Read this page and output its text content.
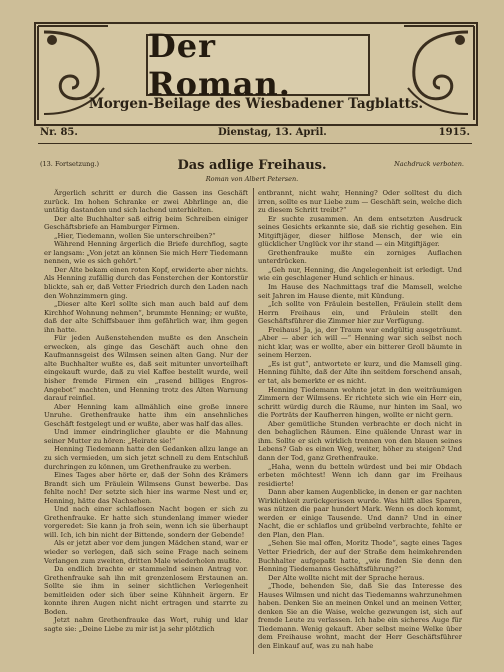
Der Roman.
Morgen-Beilage des Wiesbadener Tagblatts.
Nr. 85.	Dienstag, 13. April.	1915.
(13. Fortsetzung.)	Das adlige Freihaus.	Nachdruck verboten.
Roman von Albert Petersen.

Ärgerlich schritt er durch die Gassen ins Geschäft zurück. Im hohen Schranke er zwei Abhrlinge an, die untätig dastanden und sich lachend unterhielten.

Der alte Buchhalter saß eifrig beim Schreiben einiger Geschäftsbriefe an Hamburger Firmen.

„Hier, Tiedemann, wollen Sie unterschreiben?“

Während Henning ärgerlich die Briefe durchflog, sagte er langsam: „Von jetzt an können Sie mich Herr Tiedemann nennen, wie es sich gehört.“

Der Alte bekam einen roten Kopf, erwiderte aber nichts. Als Henning zufällig durch das Fensterchen der Kontorstür blickte, sah er, daß Vetter Friedrich durch den Laden nach den Wohnzimmern ging.

„Dieser alte Kerl sollte sich man auch bald auf dem Kirchhof Wohnung nehmen“, brummte Henning; er wußte, daß der alte Schiffsbauer ihm gefährlich war, ihm gegen ihn hatte.

Für jeden Außenstehenden mußte es den Anschein erwecken, als ginge das Geschäft auch ohne den Kaufmannsgeist des Wilmsen seinen alten Gang. Nur der alte Buchhalter wußte es, daß seit mitunter unvorteilhaft eingekauft wurde, daß zu viel Kaffee bestellt wurde, weil bisher fremde Firmen ein „rasend billiges Engros-Angebot“ machten, und Henning trotz des Alten Warnung darauf reinfiel.

Aber Henning kam allmählich eine große innere Unruhe. Grethenfrauke hatte ihm ein ansehnliches Geschäft festgelegt und er wußte, aber was half das alles.

Und immer eindringlicher glaubte er die Mahnung seiner Mutter zu hören: „Heirate sie!“

Henning Tiedemann hatte den Gedanken allzu lange an zu sich vermieden, um sich jetzt schnell zu dem Entschluß durchringen zu können, um Grethenfrauke zu werben.

Eines Tages aber hörte er, daß der Sohn des Krämers Brandt sich um Fräulein Wilmsens Gunst bewerbe. Das fehlte noch! Der setzte sich hier ins warme Nest und er, Henning, hätte das Nachsehen.

Und nach einer schlaflosen Nacht bogen er sich zu Grethenfrauke. Er hatte sich stundenlang immer wieder vorgeredet: Sie kann ja froh sein, wenn ich sie überhaupt will. Ich, ich bin nicht der Bittende, sondern der Gebende!

Als er jetzt aber vor dem jungen Mädchen stand, war er wieder so verlegen, daß sich seine Frage nach seinem Verlangen zum zweiten, dritten Male wiederholen mußte.

Da endlich brachte er stammelnd seinen Antrag vor. Grethenfrauke sah ihn mit grenzenlosem Erstaunen an. Sollte sie ihm in seiner sichtlichen Verlegenheit bemitleiden oder sich über seine Kühnheit ärgern. Er konnte ihren Augen nicht nicht ertragen und starrte zu Boden.

Jetzt nahm Grethenfrauke das Wort, ruhig und klar sagte sie: „Deine Liebe zu mir ist ja sehr plötzlich

entbrannt, nicht wahr, Henning? Oder solltest du dich irren, sollte es nur Liebe zum — Geschäft sein, welche dich zu diesem Schritt treibt?“

Er suchte zusammen. An dem entsetzten Ausdruck seines Gesichts erkannte sie, daß sie richtig gesehen. Ein Mitgiftjäger, dieser hilflose Mensch, der wie ein glücklicher Unglück vor ihr stand — ein Mitgiftjäger.

Grethenfrauke mußte ein zorniges Auflachen unterdrücken.

„Geh nur, Henning, die Angelegenheit ist erledigt. Und wie ein geschlagener Hund schlich er hinaus.

Im Hause des Nachmittags traf die Mamsell, welche seit Jahren im Hause diente, mit Kündung.

„Ich sollte von Fräulein bestellen, Fräulein stellt dem Herrn Freihaus ein, und Fräulein stellt den Geschäftsführer die Zimmer hier zur Verfügung.

Freihaus! Ja, ja, der Traum war endgültig ausgeträumt. „Aber — aber ich will —“ Henning war sich selbst noch nicht klar, was er wollte, aber ein bitterer Groll bäumte in seinem Herzen.

„Es ist gut“, antwortete er kurz, und die Mamsell ging. Henning fühlte, daß der Alte ihn seitdem forschend ansah, er tat, als bemerkte er es nicht.

Henning Tiedemann wohnte jetzt in den weiträumigen Zimmern der Wilmsens. Er richtete sich wie ein Herr ein, schritt würdig durch die Räume, nur hinten im Saal, wo die Porträts der Kaufherren hingen, wollte er nicht gern.

Aber gemütliche Stunden verbrachte er doch nicht in den behaglichen Räumen. Eine quälende Unrast war in ihm. Sollte er sich wirklich trennen von den blauen seines Lebens? Gab es einen Weg, weiter, höher zu steigen? Und dann der Tod, ganz Grethenfrauke.

„Haha, wenn du betteln würdest und bei mir Obdach erbeten möchtest! Wenn ich dann gar im Freihaus residierte!

Dann aber kamen Augenblicke, in denen er gar nachten Wirklichkeit zurückgerissen wurde. Was hilft alles Sparen, was nützen die paar hundert Mark. Wenn es doch kommt, werden er einige Tausende. Und dann? Und in einer Nacht, die er schlaflos und grübelnd verbrachte, fehlte er den Plan, den Plan.

„Sehen Sie mal offen, Moritz Thode“, sagte eines Tages Vetter Friedrich, der auf der Straße dem heimkehrenden Buchhalter aufgepaßt hatte, „wie finden Sie denn den Henning Tiedemanns Geschäftsführung?“

Der Alte wollte nicht mit der Sprache heraus.

„Thode, behenden Sie, daß Sie das Interesse des Hauses Wilmsen und nicht das Tiedemanns wahrzunehmen haben. Denken Sie an meinen Onkel und an meinen Vetter, denken Sie an die Waise, welche gezwungen ist, sich auf fremde Leute zu verlassen. Ich habe ein sicheres Auge für Tiedemann. Wenig gekauft. Aber selbst meine Welke über dem Freihause wohnt, macht der Herr Geschäftsführer den Einkauf auf, was zu nah habe
